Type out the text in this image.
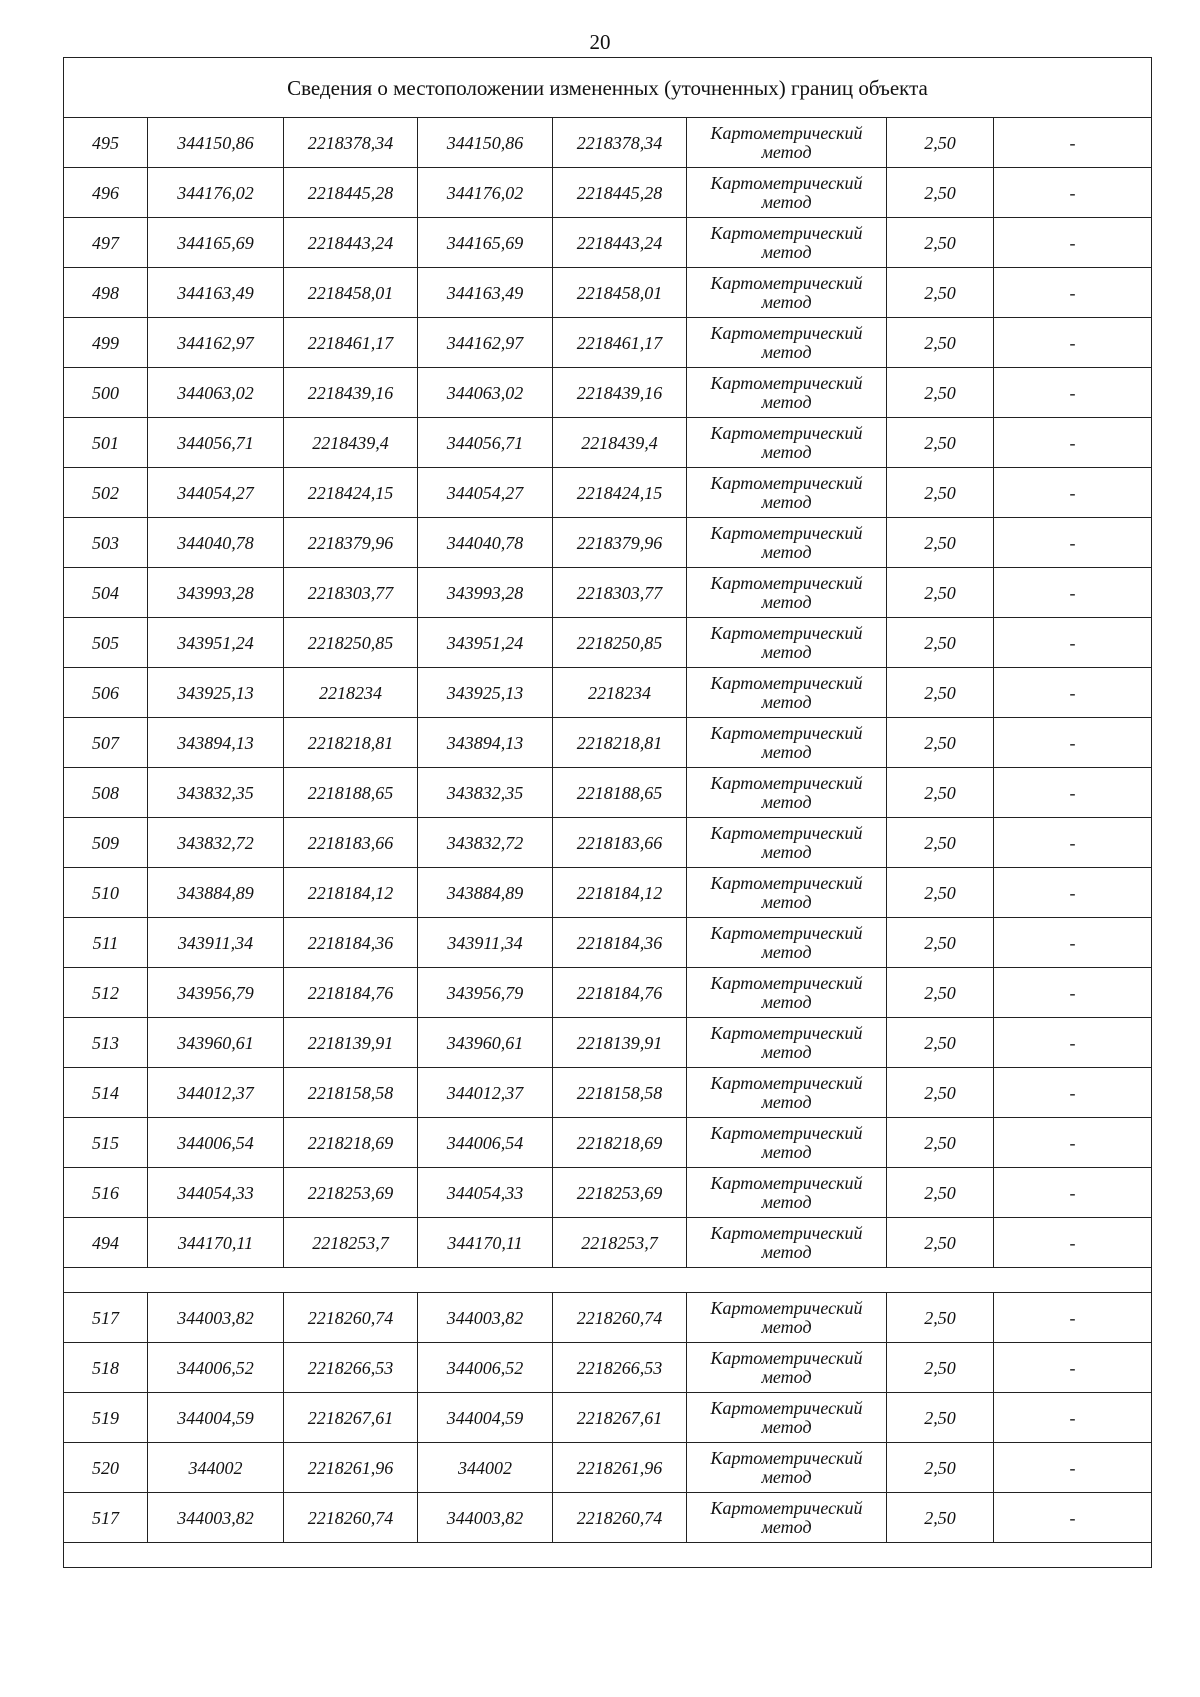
20
Сведения о местоположении измененных (уточненных) границ объекта							
495	344150,86	2218378,34	344150,86	2218378,34	Картометрический
метод	2,50	-
496	344176,02	2218445,28	344176,02	2218445,28	Картометрический
метод	2,50	-
497	344165,69	2218443,24	344165,69	2218443,24	Картометрический
метод	2,50	-
498	344163,49	2218458,01	344163,49	2218458,01	Картометрический
метод	2,50	-
499	344162,97	2218461,17	344162,97	2218461,17	Картометрический
метод	2,50	-
500	344063,02	2218439,16	344063,02	2218439,16	Картометрический
метод	2,50	-
501	344056,71	2218439,4	344056,71	2218439,4	Картометрический
метод	2,50	-
502	344054,27	2218424,15	344054,27	2218424,15	Картометрический
метод	2,50	-
503	344040,78	2218379,96	344040,78	2218379,96	Картометрический
метод	2,50	-
504	343993,28	2218303,77	343993,28	2218303,77	Картометрический
метод	2,50	-
505	343951,24	2218250,85	343951,24	2218250,85	Картометрический
метод	2,50	-
506	343925,13	2218234	343925,13	2218234	Картометрический
метод	2,50	-
507	343894,13	2218218,81	343894,13	2218218,81	Картометрический
метод	2,50	-
508	343832,35	2218188,65	343832,35	2218188,65	Картометрический
метод	2,50	-
509	343832,72	2218183,66	343832,72	2218183,66	Картометрический
метод	2,50	-
510	343884,89	2218184,12	343884,89	2218184,12	Картометрический
метод	2,50	-
511	343911,34	2218184,36	343911,34	2218184,36	Картометрический
метод	2,50	-
512	343956,79	2218184,76	343956,79	2218184,76	Картометрический
метод	2,50	-
513	343960,61	2218139,91	343960,61	2218139,91	Картометрический
метод	2,50	-
514	344012,37	2218158,58	344012,37	2218158,58	Картометрический
метод	2,50	-
515	344006,54	2218218,69	344006,54	2218218,69	Картометрический
метод	2,50	-
516	344054,33	2218253,69	344054,33	2218253,69	Картометрический
метод	2,50	-
494	344170,11	2218253,7	344170,11	2218253,7	Картометрический
метод	2,50	-

517	344003,82	2218260,74	344003,82	2218260,74	Картометрический
метод	2,50	-
518	344006,52	2218266,53	344006,52	2218266,53	Картометрический
метод	2,50	-
519	344004,59	2218267,61	344004,59	2218267,61	Картометрический
метод	2,50	-
520	344002	2218261,96	344002	2218261,96	Картометрический
метод	2,50	-
517	344003,82	2218260,74	344003,82	2218260,74	Картометрический
метод	2,50	-
